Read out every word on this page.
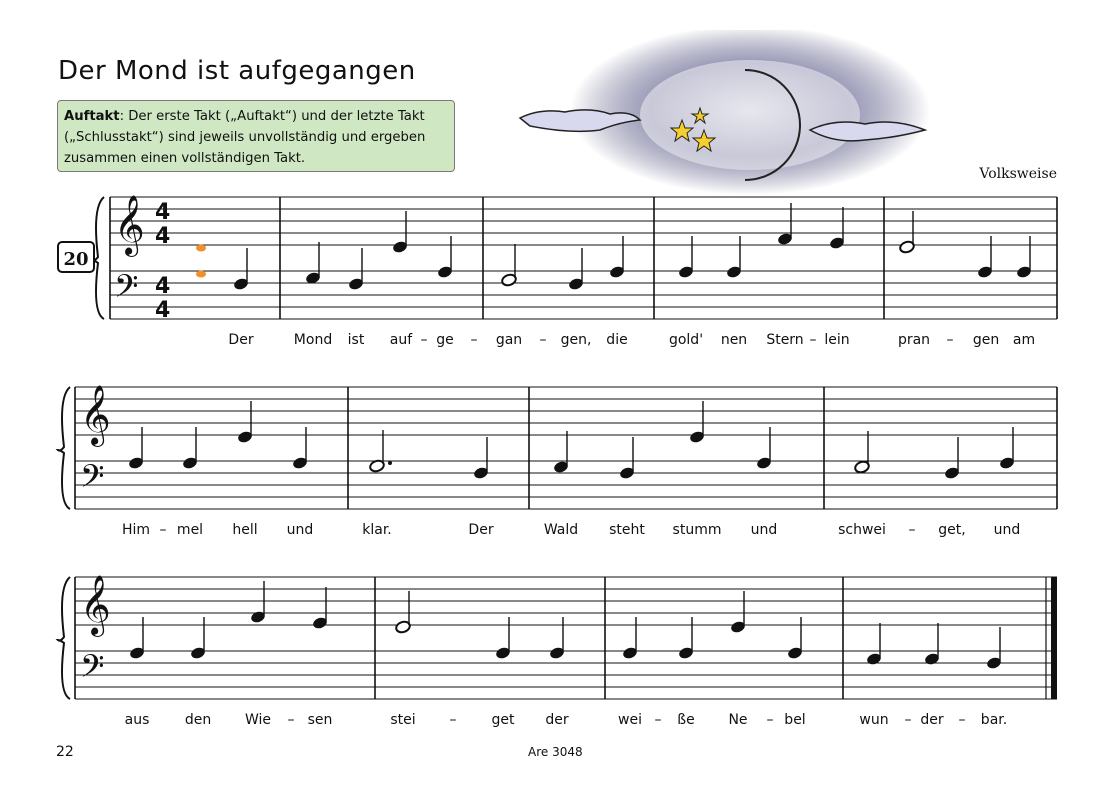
Der Mond ist aufgegangen
Auftakt: Der erste Takt („Auftakt“) und der letzte Takt („Schlusstakt“) sind jeweils unvollständig und ergeben zusammen einen vollständigen Takt.
Volksweise
𝄞
𝄢
𝄞
𝄢
𝄞
𝄢
4
4
4
4
20
Der	Mond ist auf – ge – gan – gen, die	gold' nen Stern – lein	pran – gen am
Him – mel hell und	klar.	Der	Wald steht stumm und	schwei – get, und
aus	den Wie – sen	stei –	get der	wei – ße Ne – bel	wun – der – bar.
22	Are 3048
